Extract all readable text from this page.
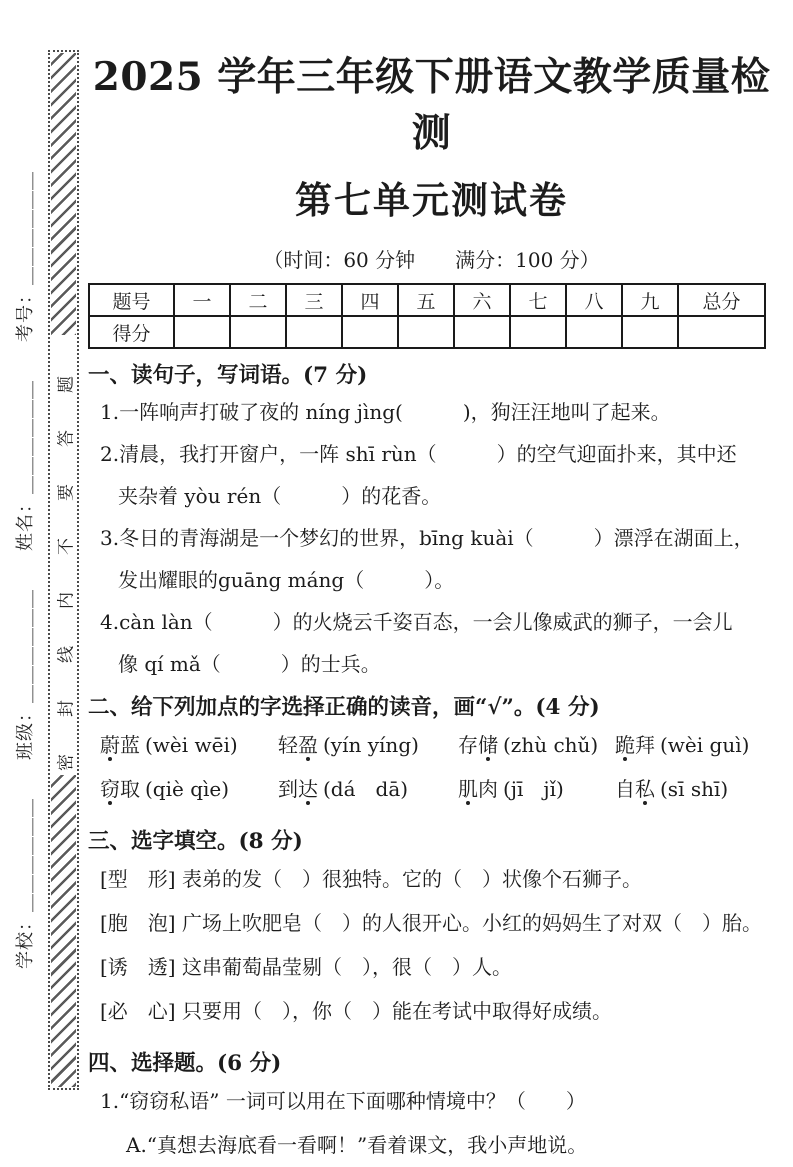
学校：＿＿＿＿＿＿　　班级：＿＿＿＿＿＿　　姓名：＿＿＿＿＿＿　　考号：＿＿＿＿＿＿ 密封线内不要答题
2025 学年三年级下册语文教学质量检测
第七单元测试卷
（时间：60 分钟　　满分：100 分）
题号	一	二	三	四	五	六	七	八	九	总分
得分										
一、读句子，写词语。(7 分)
1.一阵响声打破了夜的 níng jìng(　　　)，狗汪汪地叫了起来。
2.清晨，我打开窗户，一阵 shī rùn（　　　）的空气迎面扑来，其中还
夹杂着 yòu rén（　　　）的花香。
3.冬日的青海湖是一个梦幻的世界，bīng kuài（　　　）漂浮在湖面上，
发出耀眼的guāng máng（　　　）。
4.càn làn（　　　）的火烧云千姿百态，一会儿像威武的狮子，一会儿
像 qí mǎ（　　　）的士兵。
二、给下列加点的字选择正确的读音，画“√”。(4 分)
蔚蓝 (wèi wēi)	轻盈 (yín yíng)	存储 (zhù chǔ) 跪拜 (wèi guì)
窃取 (qiè qìe)	到达 (dá　dā)	肌肉 (jī　jǐ)	自私 (sī shī)
三、选字填空。(8 分)
[型　形] 表弟的发（　）很独特。它的（　）状像个石狮子。
[胞　泡] 广场上吹肥皂（　）的人很开心。小红的妈妈生了对双（　）胎。
[诱　透] 这串葡萄晶莹剔（　），很（　）人。
[必　心] 只要用（　），你（　）能在考试中取得好成绩。
四、选择题。(6 分)
1.“窃窃私语” 一词可以用在下面哪种情境中？（　　）
A.“真想去海底看一看啊！”看着课文，我小声地说。
